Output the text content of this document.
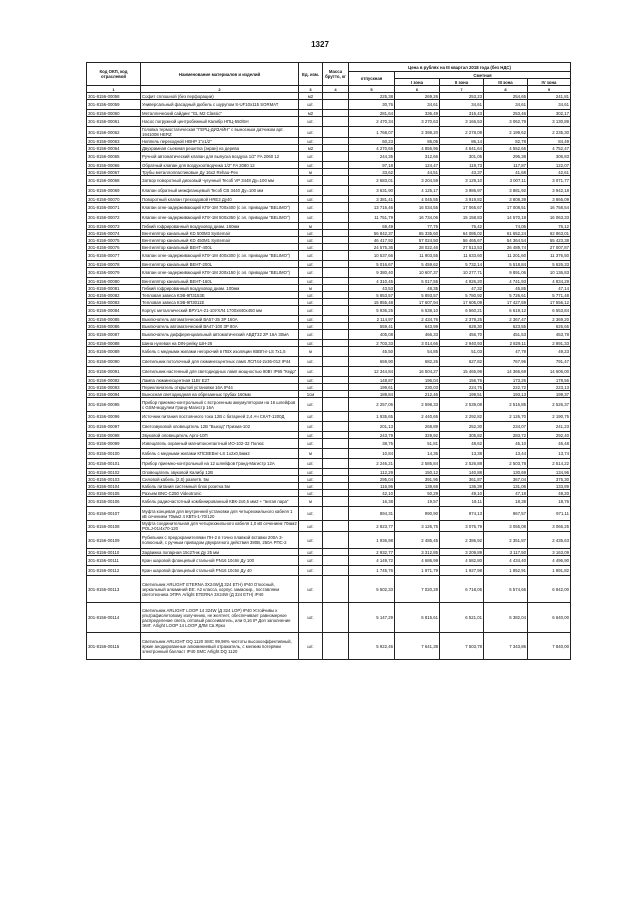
1327
Код ОКП, код отраслевой	Наименование материалов и изделий	Ед. изм.	Масса брутто, кг	Цена в рублях на III квартал 2018 года (без НДС)				
				отпускная	Сметная			
					I зона	II зона	III зона	IV зона
1	2	3	4	5	6	7	8	9
301-8156-00058	Софит сплошной (без перфорации)	м2		225,38	269,26	253,23	254,65	241,81
301-8156-00059	Универсальный фасадный дюбель с шурупом S-UF10х115 SORMAT	шт.		30,76	34,61	34,61	34,61	34,61
301-8156-00060	Металлический сайдинг "GL М2 Classic"	м2		281,64	336,49	316,43	253,46	302,17
301-8156-00061	Насос погружной центробежный Калибр НПЦ-550/5Н	шт.		2 470,34	3 270,63	3 166,53	3 062,79	3 130,89
301-8156-00062	Головка термостатическая "ГЕРЦ-ДИЗАЙН" с выносным датчиком арт. 1941008 HERZ	шт.		1 768,07	2 398,20	2 278,09	2 199,62	2 235,30
301-8156-00063	Ниппель переходной НВНР 1"х1/2"	шт.		60,23	86,05	86,14	82,78	84,49
301-8156-00064	Двухрамная съемная решетка (экран) из дерева	м2		4 270,66	4 856,96	4 641,64	4 552,65	4 752,47
301-8156-00065	Ручной автоматический клапан для выпуска воздуха 1/2" FA 2060 12	шт.		244,35	312,66	301,05	296,38	306,83
301-8156-00066	Обратный клапан для воздухоотводчика 1/2" FA 2080 12	шт.		97,18	124,47	119,73	117,87	122,07
301-8156-00067	Трубы металлопластиковые Ду 16х2 Rehau-Pex	м		33,62	44,51	43,37	41,68	42,61
301-8156-00068	Затвор поворотный дисковый чугунный Tecofi VP 3448 Ду=100 мм	шт.		2 683,01	3 204,59	3 129,10	3 007,11	3 071,77
301-8156-00069	Клапан обратный межфланцевый Tecofi CB 3440 Ду=100 мм	шт.		3 631,90	4 125,17	3 986,97	3 881,92	3 942,18
301-8156-00070	Поворотный клапан трехходовой HRE3 Ду40	шт.		3 381,41	4 045,55	3 919,82	3 808,39	3 866,09
301-8156-00071	Клапан огне-задерживающий КПУ-1М 700х400 (с эл. приводом "BELIMO")	шт.		13 716,46	16 034,55	17 065,67	17 008,51	16 758,54
301-8156-00072	Клапан огне-задерживающий КПУ-1М 500х350 (с эл. приводом "BELIMO")	шт.		11 751,79	16 734,06	15 158,83	14 570,18	16 063,33
301-8156-00073	Гибкий гофрированный воздуховод диам. 160мм	м		69,49	77,75	76,42	74,06	76,12
301-8156-00074	Вентилятор канальный KD 500M3 Systemair	шт.		56 842,37	65 335,60	64 085,02	61 652,24	62 863,01
301-8156-00075	Вентилятор канальный KD 450M1 Systemair	шт.		46 417,92	57 024,50	56 465,67	54 364,54	55 423,38
301-8156-00076	Вентилятор канальный ВЕНТ-400L	шт.		24 575,36	28 022,46	27 513,53	26 489,74	27 007,87
301-8156-00077	Клапан огне-задерживающий КПУ-1М 400х300 (с эл. приводом "BELIMO")	шт.		10 537,66	11 903,55	11 633,60	11 201,60	11 376,50
301-8156-00078	Вентилятор канальный ВЕНТ-200L	шт.		5 016,67	5 459,62	5 732,14	5 518,84	5 626,33
301-8156-00079	Клапан огне-задерживающий КПУ-1М 200х150 (с эл. приводом "BELIMO")	шт.		9 380,40	10 607,37	10 277,71	9 891,06	10 136,83
301-8156-00080	Вентилятор канальный ВЕНТ-160L	шт.		4 310,45	5 017,55	4 926,20	4 741,93	4 834,28
301-8156-00081	Гибкий гофрированный воздуховод диам. 100мм	м		43,53	48,35	47,32	45,85	47,14
301-8156-00082	Тепловая завеса КЭВ-9П3153Е	шт.		5 853,57	5 893,57	5 780,92	5 726,61	5 771,48
301-8156-00083	Тепловая завеса КЭВ-9П3011Е	шт.		15 855,48	17 607,94	17 605,09	17 427,59	17 556,12
301-8156-00084	Корпус металлический ВРУ1А-21-10УХЛ4 1700х840х450 мм	шт.		5 936,25	6 538,10	6 560,21	6 619,12	6 553,84
301-8156-00085	Выключатель автоматический ВА57-35 3Р 160А	шт.		2 114,97	2 434,76	2 379,25	2 367,47	2 369,20
301-8156-00086	Выключатель автоматический ВА47-100 3Р 80А	шт.		559,41	643,99	629,30	623,55	626,65
301-8156-00087	Выключатель дифференциальный автоматический АВДТ32 2Р 16А 30мА	шт.		405,08	466,33	456,70	451,53	453,78
301-8156-00088	Шина нулевая на DIN-рейку ШН-26	шт.		2 703,33	3 014,66	2 940,93	2 829,11	2 891,33
301-8156-00089	Кабель с медными жилами негорючий в ПВХ изоляции КВВГнг-LS 7х1,5	м		45,50	54,85	51,03	47,79	49,23
301-8156-00090	Светильник потолочный для люминесцентных ламп ЛСП44-2х36-012 IP44	шт.		659,90	682,26	627,82	767,96	791,47
301-8156-00091	Светильник настенный для светодиодных ламп мощностью 90Вт IP65 "Кедр"	шт.		12 344,84	16 504,27	15 465,99	14 366,69	14 606,00
301-8156-00092	Лампа люминесцентная 11Вт Е27	шт.		148,87	196,04	156,76	173,26	178,56
301-8156-00093	Переключатель открытой установки 16А IP44	шт.		199,61	230,03	224,75	222,72	223,13
301-8156-00094	Выносная светодиодная на обрезанных трубах 160мм	1см		189,84	212,46	199,51	193,13	199,37
301-8156-00095	Прибор приемно-контрольный с встроенным аккумулятором на 16 шлейфов с GSM-модулем Гранд-Магистр 16А	шт.		2 257,06	2 598,33	2 539,08	2 515,85	2 526,37
301-8156-00096	Источник питания постоянного тока 12В с батареей 2,4 Ач СКАТ-1200Д	шт.		1 935,65	2 440,65	2 292,82	2 126,70	2 190,75
301-8156-00097	Светозвуковой оповещатель 12В "Выход" Призма-102	шт.		201,13	268,89	252,30	234,07	241,23
301-8156-00098	Звуковой оповещатель Арго-10П	шт.		243,79	329,92	305,82	283,72	292,40
301-8156-00099	Извещатель охранный магнитоконтактный ИО-102-32 Полюс	шт.		38,75	51,81	48,62	45,10	46,48
301-8156-00100	Кабель с медными жилами КПСВЕВнг-LS 1х2х0,5мм2	м		10,84	14,35	13,38	13,44	13,74
301-8156-00101	Прибор приемно-контрольный на 12 шлейфов Гранд-Магистр 12А	шт.		2 246,21	2 585,84	2 526,88	2 503,78	2 514,22
301-8156-00102	Оповещатель звуковой Калибр 12В	шт.		112,29	150,12	140,88	130,69	134,96
301-8156-00103	Силовой кабель (2,5) разветв. 5м	шт.		295,04	391,95	361,87	367,04	375,30
301-8156-00104	Кабель питания системный блок розетка 5м	шт.		116,95	139,68	136,39	131,06	133,89
301-8156-00105	Разъем BNC-C250 Videotronic	шт.		42,10	50,29	49,10	47,18	48,20
301-8156-00106	Кабель радиочастотный комбинированный КВК-2х0,5 мм2 + "витая пара"	м		16,38	19,57	19,11	18,38	18,76
301-8156-00107	Муфта концевая для внутренней установки для четырехжильного кабеля 1 кВ сечением 70мм2 4 КВТп-1-70/120	шт.		894,31	990,90	974,13	967,57	971,11
301-8156-00108	Муфта соединительная для четырехжильного кабеля 1,0 кВ сечением 70мм2 POLJ-01/4х70-120	шт.		2 823,77	3 126,75	3 075,79	3 055,08	3 066,25
301-8156-00109	Рубильник с предохранителями ПН-2 в точно плавкой вставки 200А 3-полюсный, с ручным приводом двукратного действия 380В, 250А РПС-2	шт.		1 936,98	2 485,45	2 386,92	2 351,87	2 435,63
301-8156-00110	Задвижка попарная 15с27нж Ду 25 мм	шт.		2 932,77	3 312,85	3 209,89	3 117,50	3 163,09
301-8156-00111	Кран шаровой фланцевый стальной PN16 10с6п Ду 100	шт.		4 149,72	4 686,99	4 582,80	4 434,40	4 496,90
301-8156-00112	Кран шаровой фланцевый стальной PN16 10с6п Ду 40	шт.		1 745,76	1 971,79	1 927,98	1 852,91	1 891,82
301-8156-00113	Светильник ARLIGHT ETERNA 3X24W(Д 324 ETH) IP40 Откосный, зеркальный алюминий ЕЕ: А2 класса, корпус замаскир., поставляем светотехника ЭПРА Arlight ETERNA 3X24W (Д 324 ETH) IP40	шт.		5 502,33	7 020,28	6 718,05	6 574,66	6 842,00
301-8156-00114	Светильник ARLIGHT LOOP 14 324W (Д 324 LOP) IP40 Устойчивы к ультрафиолетовому излучению, не желтеет, обеспечивает равномерное распределение света, оптовый рассеиватель, или 0,16 IP Доп заполнение ЭМГ. Arlight LOOP 14 LOOP ДЛМ Св.Ярко	шт.		5 147,29	6 815,61	6 521,01	6 382,04	6 640,00
301-8156-00115	Светильник ARLIGHT DQ 1120 SMC 99,98% чистоты высокоэффективный, яркие анодированные алюминиевый отражатель, с мелким потерями электронный балласт IP40 SMC Arlight DQ 1120	шт.		5 922,46	7 641,38	7 503,78	7 343,86	7 840,00
